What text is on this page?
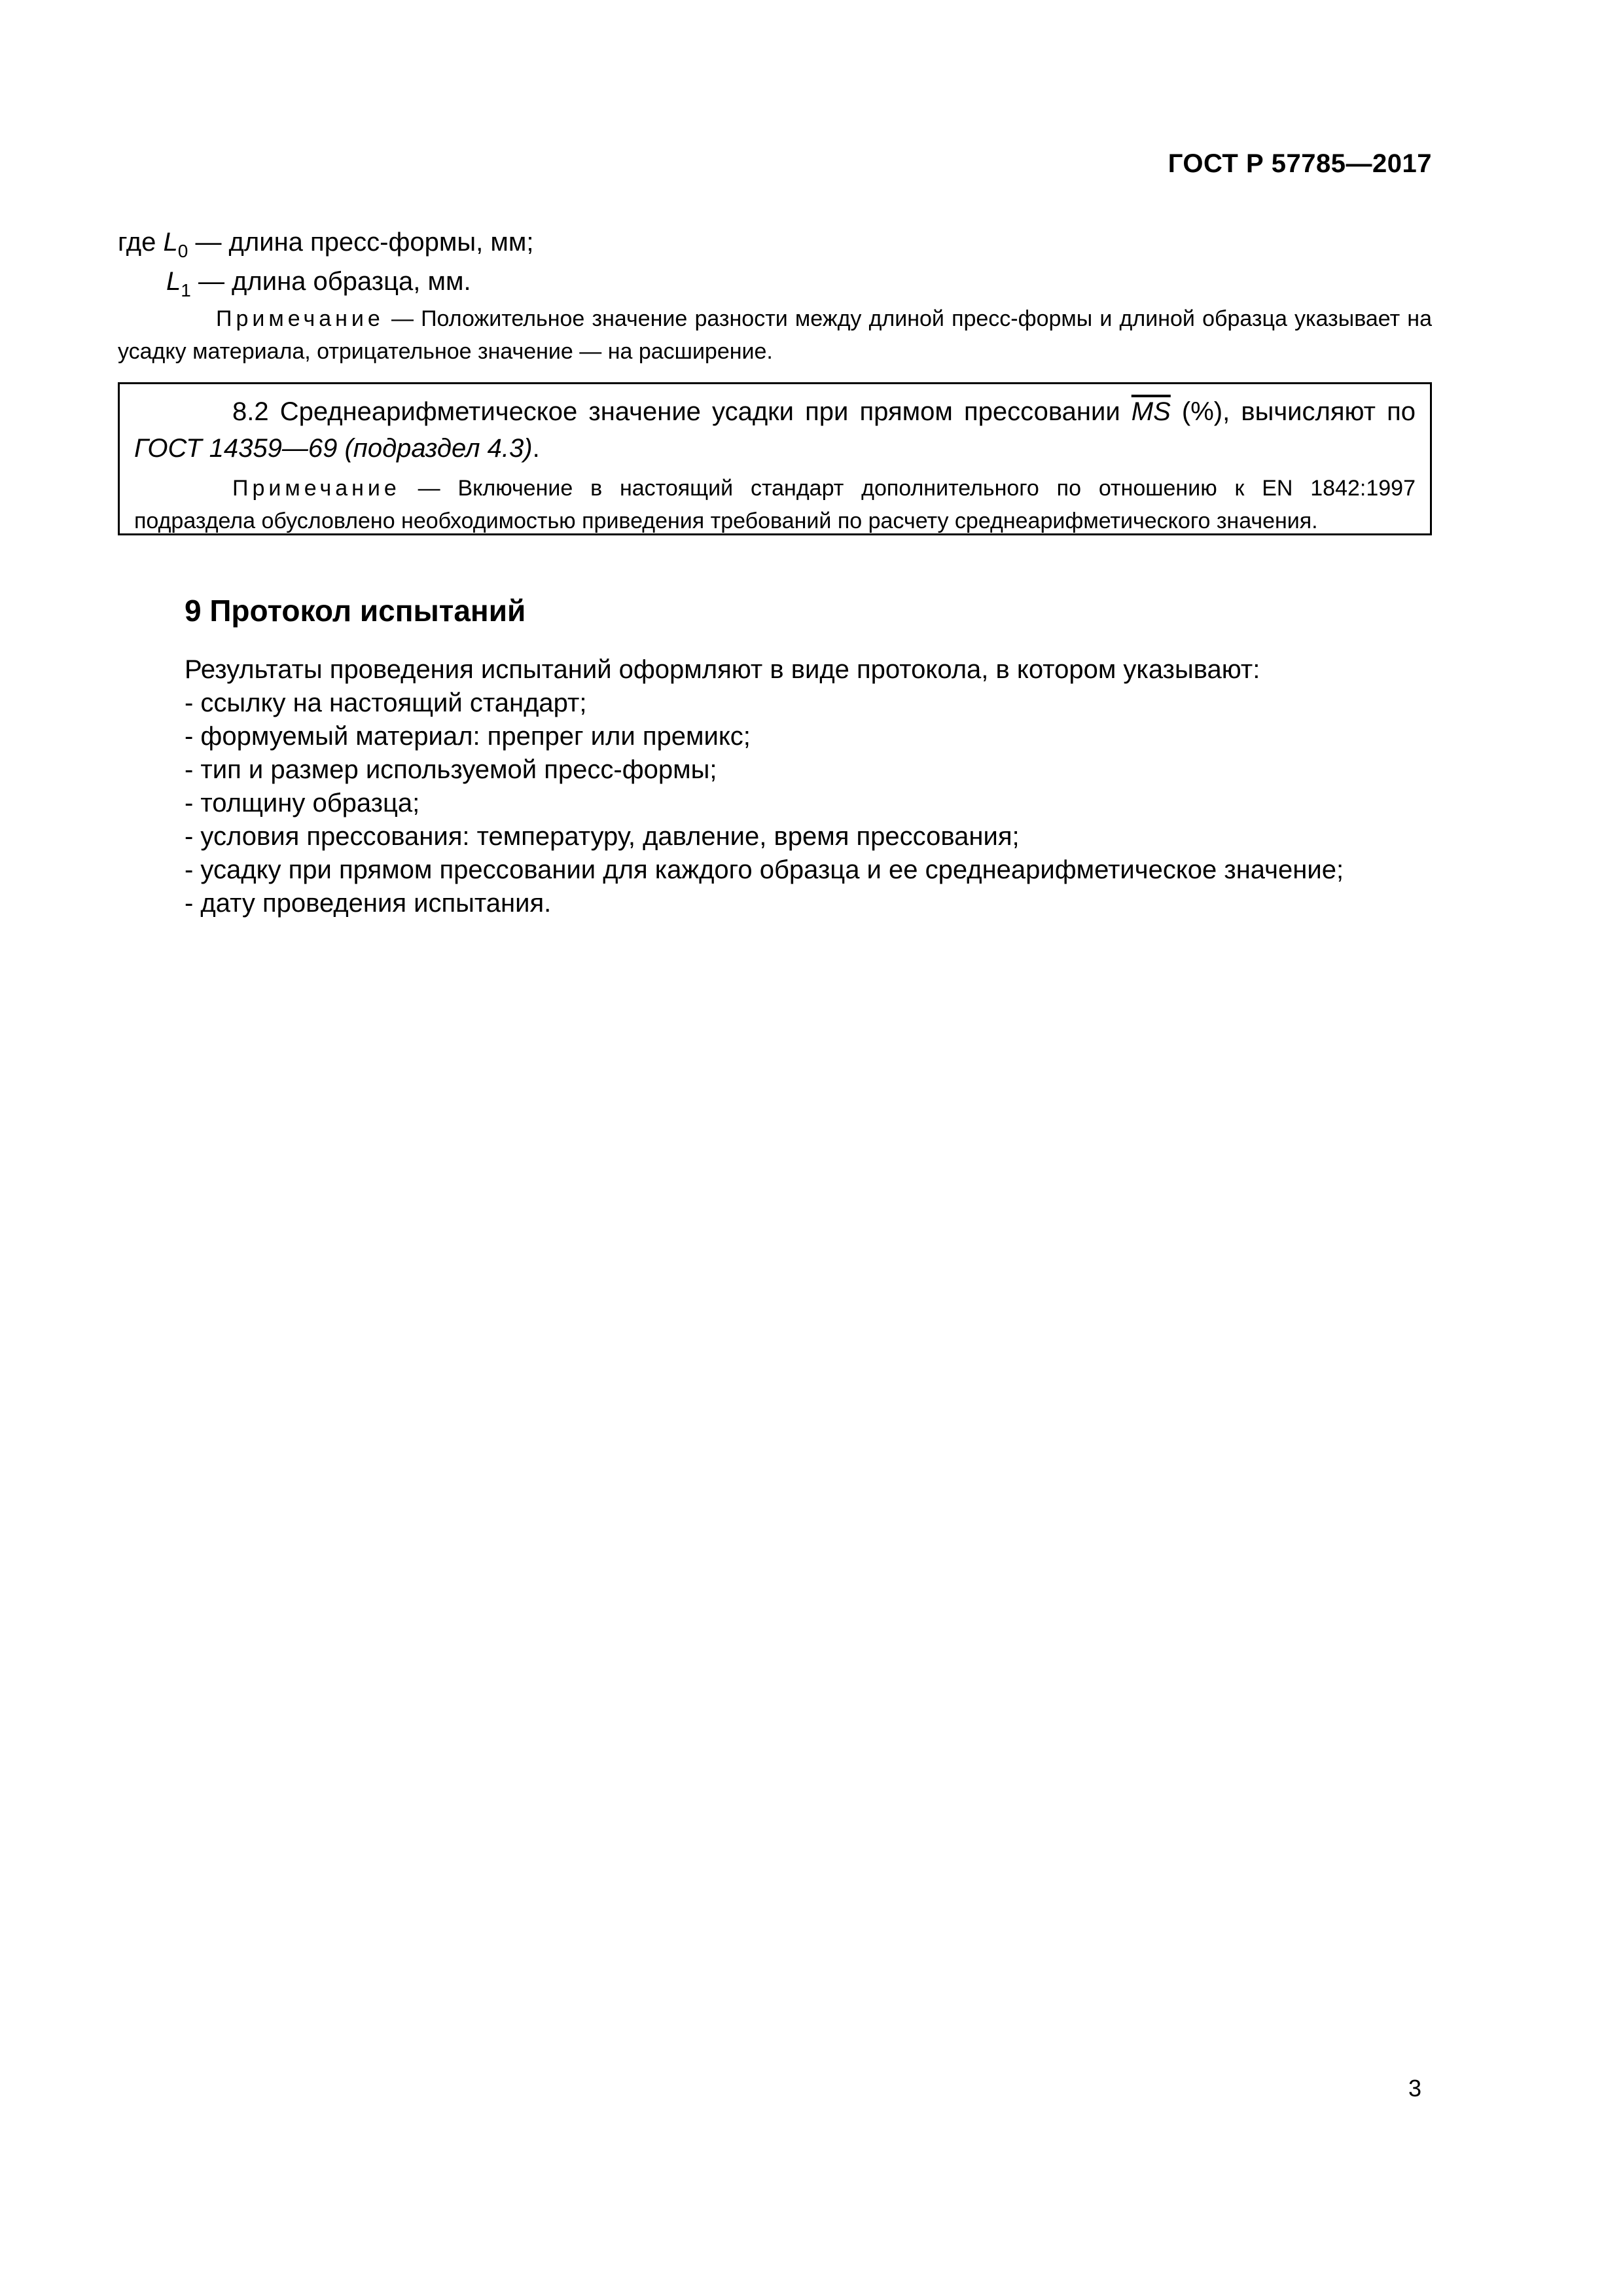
ГОСТ Р 57785—2017
где $L_0$ — длина пресс-формы, мм;
$L_1$ — длина образца, мм.
Примечание — Положительное значение разности между длиной пресс-формы и длиной образца указывает на усадку материала, отрицательное значение — на расширение.
8.2 Среднеарифметическое значение усадки при прямом прессовании $\overline{MS}$ (%), вычисляют по ГОСТ 14359—69 (подраздел 4.3).
Примечание — Включение в настоящий стандарт дополнительного по отношению к EN 1842:1997 подраздела обусловлено необходимостью приведения требований по расчету среднеарифметического значения.
9 Протокол испытаний
Результаты проведения испытаний оформляют в виде протокола, в котором указывают:
- ссылку на настоящий стандарт;
- формуемый материал: препрег или премикс;
- тип и размер используемой пресс-формы;
- толщину образца;
- условия прессования: температуру, давление, время прессования;
- усадку при прямом прессовании для каждого образца и ее среднеарифметическое значение;
- дату проведения испытания.
3
